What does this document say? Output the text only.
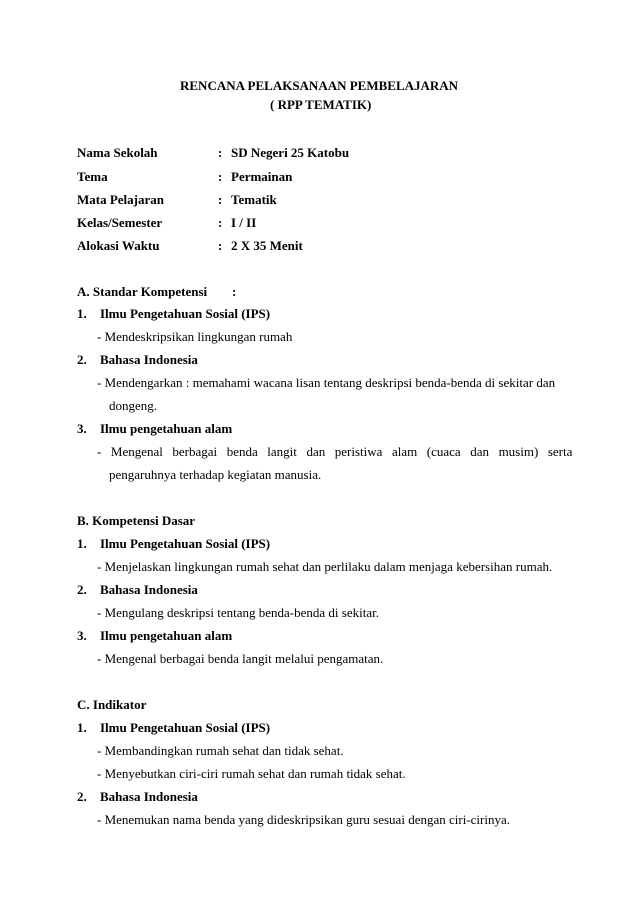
RENCANA PELAKSANAAN PEMBELAJARAN
( RPP TEMATIK)
Nama Sekolah	: SD Negeri 25 Katobu
Tema	: Permainan
Mata Pelajaran	: Tematik
Kelas/Semester	: I / II
Alokasi Waktu	: 2 X 35 Menit
A. Standar Kompetensi :
1. Ilmu Pengetahuan Sosial (IPS)
- Mendeskripsikan lingkungan rumah
2. Bahasa Indonesia
- Mendengarkan : memahami wacana lisan tentang deskripsi benda-benda di sekitar dan
dongeng.
3. Ilmu pengetahuan alam
- Mengenal berbagai benda langit dan peristiwa alam (cuaca dan musim) serta
pengaruhnya terhadap kegiatan manusia.
B. Kompetensi Dasar
1. Ilmu Pengetahuan Sosial (IPS)
- Menjelaskan lingkungan rumah sehat dan perlilaku dalam menjaga kebersihan rumah.
2. Bahasa Indonesia
- Mengulang deskripsi tentang benda-benda di sekitar.
3. Ilmu pengetahuan alam
- Mengenal berbagai benda langit melalui pengamatan.
C. Indikator
1. Ilmu Pengetahuan Sosial (IPS)
- Membandingkan rumah sehat dan tidak sehat.
- Menyebutkan ciri-ciri rumah sehat dan rumah tidak sehat.
2. Bahasa Indonesia
- Menemukan nama benda yang dideskripsikan guru sesuai dengan ciri-cirinya.
